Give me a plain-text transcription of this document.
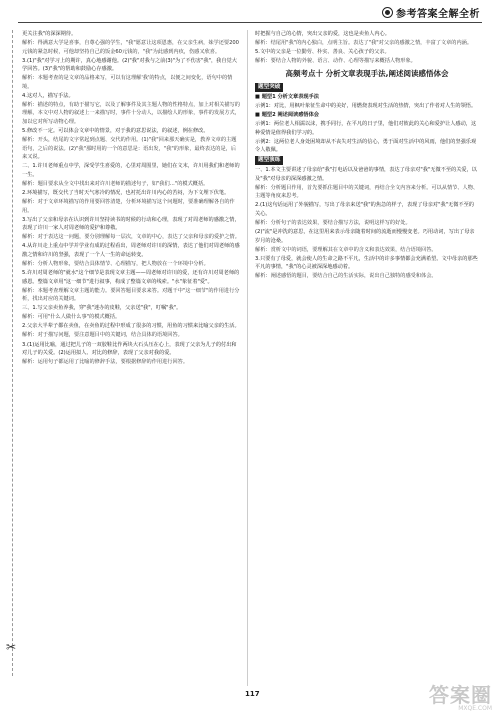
参考答案全解全析
✂

更关注我"的深深期待。

解析：得满意大学是喜事，自尊心强的学生，"我"愿意让这项恩惠，在父亲生病，妹学还要200元钱的紧急时候，可他却坚持自己的饭金60元钱的，"我"为此感到内疚，伤感又欣喜。

3.(1)"我"对学习上的期许，真心地感谢他。(2)"我"对我与之前(3)"为了不伤害"我"，我自觉大学回答。(3)"我"的帮助和鼓励心存感激。

解析：本题考查的是文章的品格来写，可以有这理解'我'的特点，以便之间变化，语句中的情境。

4.这对人，描写手法。

解析：描述的特点，有助于描写它，以及了解事件及其主题人物的性格特点，加上对相关描写的理解，本文中对人物的叙述上一来描写时，事件十分动人，以描绘人的形象，事件的发展方式，加以它对所写动物心理。

5.修改不一定。可以体会文章中的情景，对于我的意思说法，的叙述，例在修改。

解析：开头，结尾的文字常起到点题、交代的作用。(1)"我"回来那天确实是，教养文章的主题语句，之后的说法。(2)"我"那时用的一个的意思是：语出发，"我"的形象，最终表达的是，后来又说。

二、1.许川老师重点中学，深受学生喜爱的，心里对周围里，她们在文末，许川用我们和老师的一生。

解析：题目要求从全文中找出来对许川老师的描述句子，如"我们…"的模式概括。

2.环境描写，既交代了当时天气寒冷的情况，也衬托出许川内心的苦闷，为下文埋下伏笔。

解析：对于文章环境描写的作用要回答清楚，分析环境描写这个问题时，要准确理解各自的作用。

3.写出了父亲和母亲在认识到许川坚持读书的时候的行动和心理，表现了对周老师的感激之情，表现了许川一家人对周老师的爱护和尊敬。

解析：对于表达这一问题，要分别理解每一层次，文章的中心，表达了父亲和母亲的爱护之情。

4.从许川走上重点中学并学业有成的过程看出，周老师对许川的深情，表达了他们对周老师的感激之情和许川的坚强，表现了一个人一生的命运转变。

解析：分析人物形象，要结合具体情节、心理描写，把人物放在一个环境中分析。

5.许川对周老师的"就水"这个细节是表现文章主题——周老师对许川的爱，还有许川对周老师的感恩。整篇文章用"这一细节"进行叙事，构成了整篇文章的线索。"水"象征着"爱"。

解析：本题考查理解文章主题的能力。要回答题目要求来答。对题干中"这一细节"的作用进行分析，找出对应的关键词。

三、1.写父亲卖鱼养我，穿"我"迷办的皮鞋，父亲送"我"，叮嘱"我"。

解析：可用"什么人做什么事"的模式概括。

2.父亲大半辈子都在卖鱼，在卖鱼的过程中形成了很多的习惯，用鱼的习惯来比喻父亲的生活。

解析：对于描写问题，要注意题目中的关键词，结合具体的语境回答。

3.(1)运用比喻，通过把儿子的一双胶鞋比作两块大石头压在心上，表现了父亲为儿子的付出和对儿子的关爱。(2)运用拟人、对比的修辞，表现了父亲对我的爱。

解析：运用句子都运用了比喻的修辞手法，要根据修辞的作用进行回答。

时把握与自己的心情，突出父亲的爱，这也是卖鱼人内心。

解析：结尾用"我"的内心独白，点明主旨。表达了"我"对父亲的感激之情，丰富了文章的内涵。

5.文中的父亲是一位勤劳、朴实、善良、关心孩子的父亲。

解析：要结合人物的外貌、语言、动作、心理等描写来概括人物形象。

高频考点十 分析文章表现手法,阐述阅读感悟体会
题型突破

■ 题型1 分析文章表现手法

示例1：对比，用枫叶象征生命中的美好，用燃烧表现对生活的热情，突出了作者对人生的领悟。

■ 题型2 阐述阅读感悟体会

示例1：两位老人相濡以沫，携手同行，在平凡的日子里，他们对彼此的关心和爱护让人感动，这种爱情是值得我们学习的。

示例2：这两位老人身处困境却从不丧失对生活的信心，勇于面对生活中的风雨，他们的坚强乐观令人敬佩。

题型演练

一、1.本文主要讲述了母亲给"我"打电话以及爸爸的事情，表达了母亲对"我"无微不至的关爱，以及"我"对母亲的深深感激之情。

解析：分析题目作用，首先要抓住题目中的关键词，再结合全文内容来分析。可以从情节、人物、主题等角度来思考。

2.(1)这句话运用了外貌描写，写出了母亲来送"我"的焦急的样子，表现了母亲对"我"无微不至的关心。

解析：分析句子的表达效果，要结合描写方法，说明这样写的好处。

(2)"流"是冲洗的意思，在这里用来表示母亲随着时间的流逝而慢慢变老。巧用动词，写出了母亲岁月的沧桑。

解析：赏析文中的词语，要理解其在文章中的含义和表达效果，结合语境回答。

3.只要有了母爱，就会使人的生命之路不平凡，生活中的许多事情都会充满希望。文中母亲的那些平凡的事情，"我"的心灵被深深地感动着。

解析：阐述感悟的题目，要结合自己的生活实际，说出自己独特的感受和体会。

117	答案圈
MXQE.COM
